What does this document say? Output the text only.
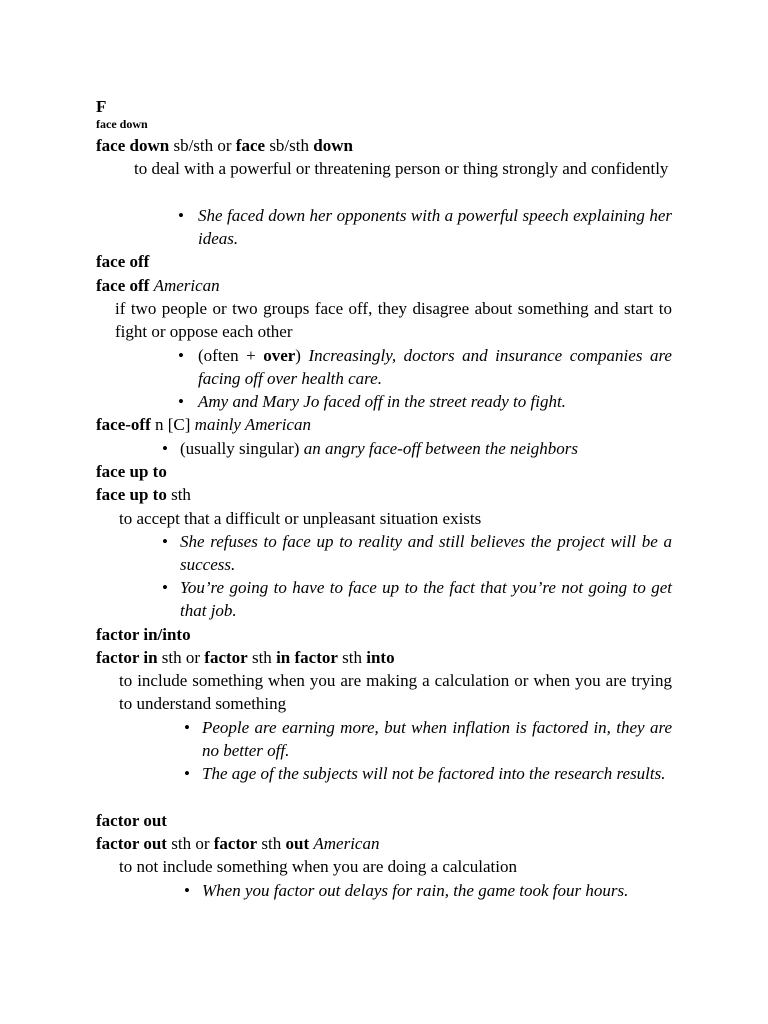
F

face down

face down sb/sth or face sb/sth down

to deal with a powerful or threatening person or thing strongly and confidently

• She faced down her opponents with a powerful speech explaining her ideas.

face off

face off American

if two people or two groups face off, they disagree about something and start to fight or oppose each other

• (often + over) Increasingly, doctors and insurance companies are facing off over health care.

• Amy and Mary Jo faced off in the street ready to fight.

face-off n [C] mainly American

• (usually singular) an angry face-off between the neighbors

face up to

face up to sth

to accept that a difficult or unpleasant situation exists

• She refuses to face up to reality and still believes the project will be a success.

• You’re going to have to face up to the fact that you’re not going to get that job.

factor in/into

factor in sth or factor sth in factor sth into

to include something when you are making a calculation or when you are trying to understand something

• People are earning more, but when inflation is factored in, they are no better off.

• The age of the subjects will not be factored into the research results.

factor out

factor out sth or factor sth out American

to not include something when you are doing a calculation

• When you factor out delays for rain, the game took four hours.
